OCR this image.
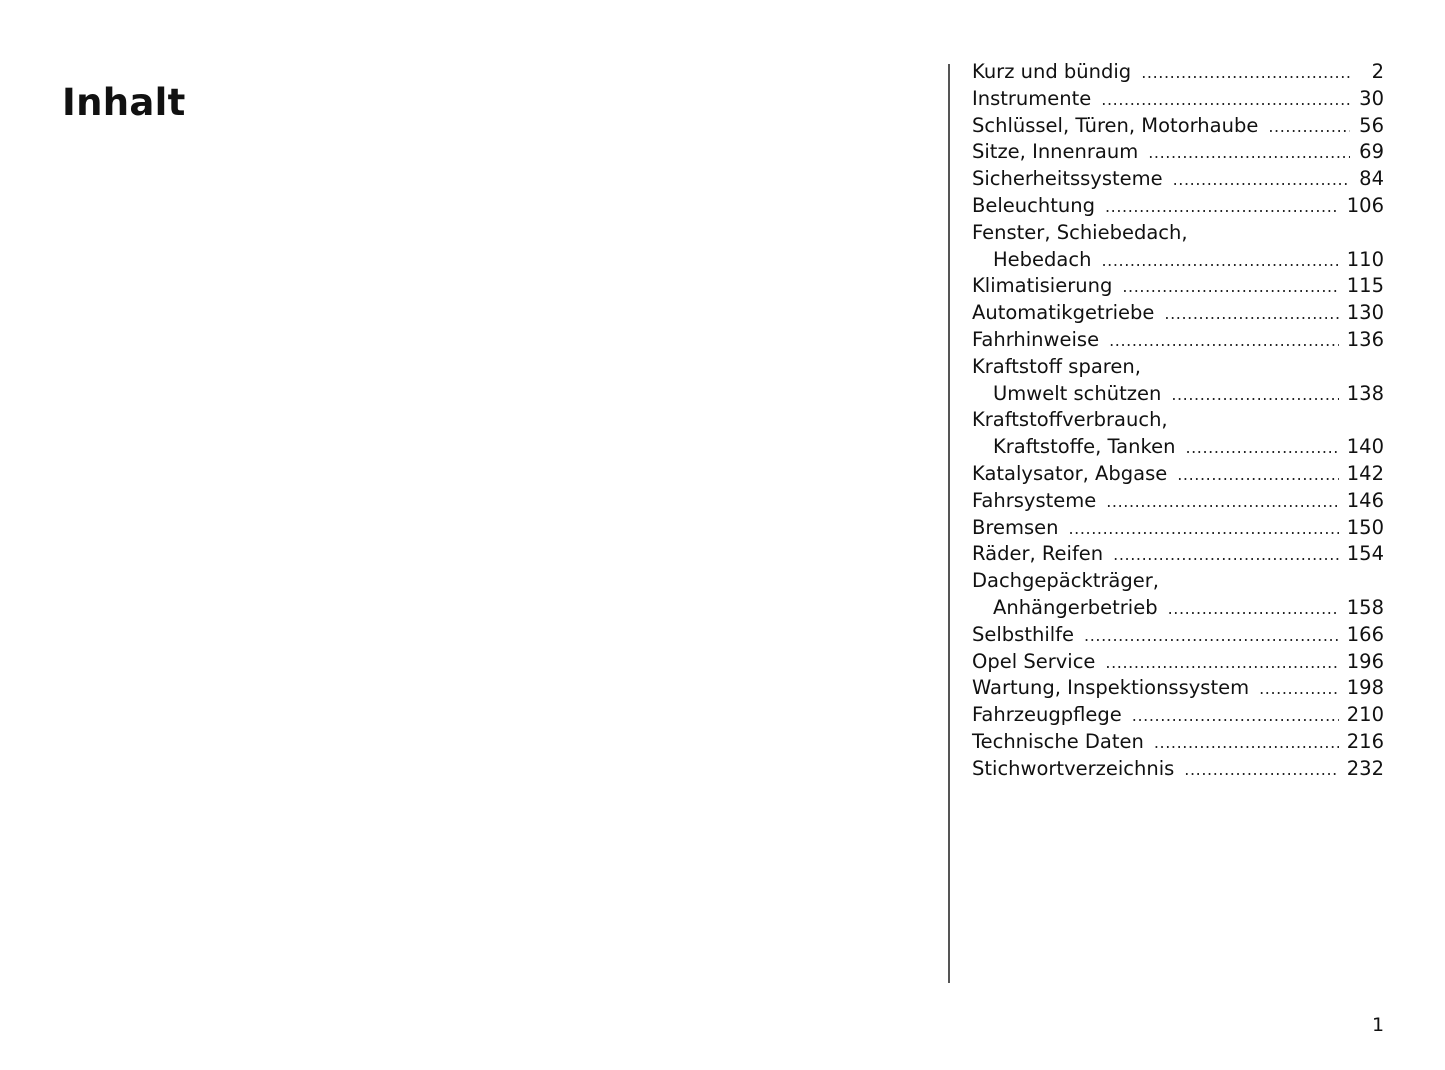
Inhalt
Kurz und bündig .....	2
Instrumente .....	30
Schlüssel, Türen, Motorhaube .....	56
Sitze, Innenraum .....	69
Sicherheitssysteme .....	84
Beleuchtung .....	106
Fenster, Schiebedach,
Hebedach .....	110
Klimatisierung .....	115
Automatikgetriebe .....	130
Fahrhinweise .....	136
Kraftstoff sparen,
Umwelt schützen .....	138
Kraftstoffverbrauch,
Kraftstoffe, Tanken .....	140
Katalysator, Abgase .....	142
Fahrsysteme .....	146
Bremsen .....	150
Räder, Reifen .....	154
Dachgepäckträger,
Anhängerbetrieb .....	158
Selbsthilfe .....	166
Opel Service .....	196
Wartung, Inspektionssystem .....	198
Fahrzeugpflege .....	210
Technische Daten .....	216
Stichwortverzeichnis .....	232
1
